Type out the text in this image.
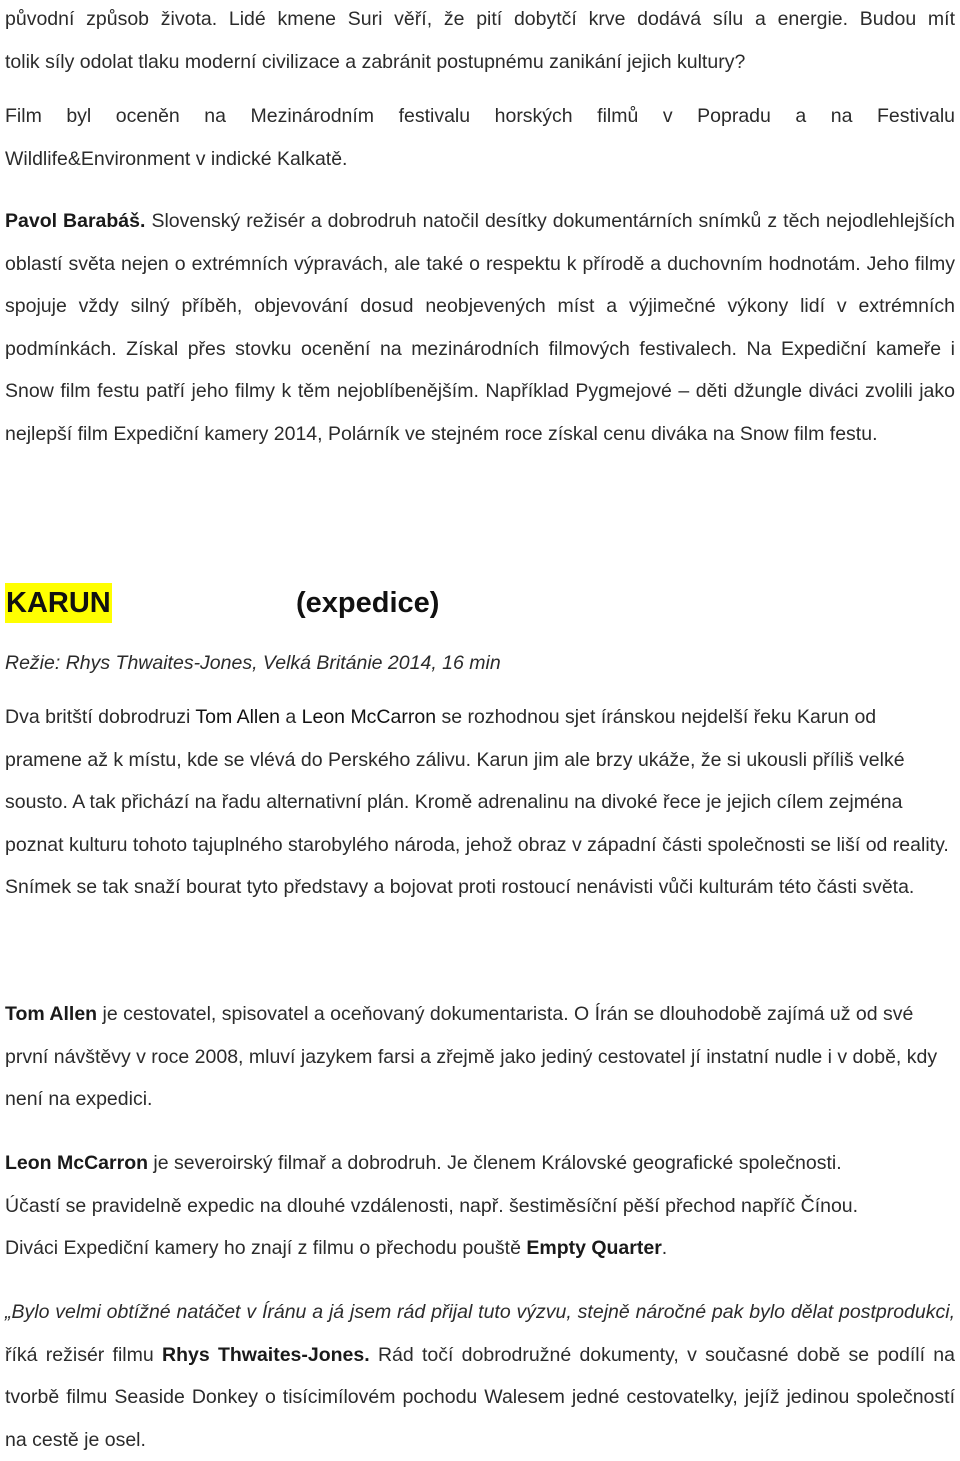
původní způsob života. Lidé kmene Suri věří, že pití dobytčí krve dodává sílu a energie. Budou mít

tolik síly odolat tlaku moderní civilizace a zabránit postupnému zanikání jejich kultury?

Film byl oceněn na Mezinárodním festivalu horských filmů v Popradu a na Festivalu

Wildlife&Environment v indické Kalkatě.

Pavol Barabáš. Slovenský režisér a dobrodruh natočil desítky dokumentárních snímků z těch nejodlehlejších oblastí světa nejen o extrémních výpravách, ale také o respektu k přírodě a duchovním hodnotám. Jeho filmy spojuje vždy silný příběh, objevování dosud neobjevených míst a výjimečné výkony lidí v extrémních podmínkách. Získal přes stovku ocenění na mezinárodních filmových festivalech. Na Expediční kameře i Snow film festu patří jeho filmy k těm nejoblíbenějším. Například Pygmejové – děti džungle diváci zvolili jako nejlepší film Expediční kamery 2014, Polárník ve stejném roce získal cenu diváka na Snow film festu.

KARUN	(expedice)
Režie: Rhys Thwaites-Jones, Velká Británie 2014, 16 min

Dva britští dobrodruzi Tom Allen a Leon McCarron se rozhodnou sjet íránskou nejdelší řeku Karun od pramene až k místu, kde se vlévá do Perského zálivu. Karun jim ale brzy ukáže, že si ukousli příliš velké sousto. A tak přichází na řadu alternativní plán. Kromě adrenalinu na divoké řece je jejich cílem zejména poznat kulturu tohoto tajuplného starobylého národa, jehož obraz v západní části společnosti se liší od reality. Snímek se tak snaží bourat tyto představy a bojovat proti rostoucí nenávisti vůči kulturám této části světa.

Tom Allen je cestovatel, spisovatel a oceňovaný dokumentarista. O Írán se dlouhodobě zajímá už od své první návštěvy v roce 2008, mluví jazykem farsi a zřejmě jako jediný cestovatel jí instatní nudle i v době, kdy není na expedici.

Leon McCarron je severoirský filmař a dobrodruh. Je členem Královské geografické společnosti.

Účastí se pravidelně expedic na dlouhé vzdálenosti, např. šestiměsíční pěší přechod napříč Čínou.

Diváci Expediční kamery ho znají z filmu o přechodu pouště Empty Quarter.

„Bylo velmi obtížné natáčet v Íránu a já jsem rád přijal tuto výzvu, stejně náročné pak bylo dělat postprodukci, říká režisér filmu Rhys Thwaites-Jones. Rád točí dobrodružné dokumenty, v současné době se podílí na tvorbě filmu Seaside Donkey o tisícimílovém pochodu Walesem jedné cestovatelky, jejíž jedinou společností na cestě je osel.
